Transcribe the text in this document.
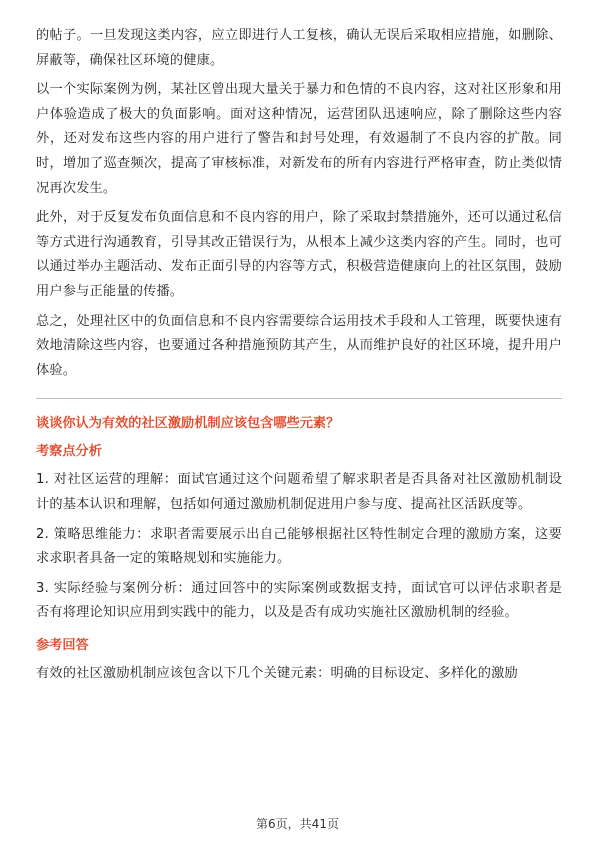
的帖子。一旦发现这类内容，应立即进行人工复核，确认无误后采取相应措施，如删除、屏蔽等，确保社区环境的健康。

以一个实际案例为例，某社区曾出现大量关于暴力和色情的不良内容，这对社区形象和用户体验造成了极大的负面影响。面对这种情况，运营团队迅速响应，除了删除这些内容外，还对发布这些内容的用户进行了警告和封号处理，有效遏制了不良内容的扩散。同时，增加了巡查频次，提高了审核标准，对新发布的所有内容进行严格审查，防止类似情况再次发生。

此外，对于反复发布负面信息和不良内容的用户，除了采取封禁措施外，还可以通过私信等方式进行沟通教育，引导其改正错误行为，从根本上减少这类内容的产生。同时，也可以通过举办主题活动、发布正面引导的内容等方式，积极营造健康向上的社区氛围，鼓励用户参与正能量的传播。

总之，处理社区中的负面信息和不良内容需要综合运用技术手段和人工管理，既要快速有效地清除这些内容，也要通过各种措施预防其产生，从而维护良好的社区环境，提升用户体验。

谈谈你认为有效的社区激励机制应该包含哪些元素？
考察点分析

1. 对社区运营的理解：面试官通过这个问题希望了解求职者是否具备对社区激励机制设计的基本认识和理解，包括如何通过激励机制促进用户参与度、提高社区活跃度等。

2. 策略思维能力：求职者需要展示出自己能够根据社区特性制定合理的激励方案，这要求求职者具备一定的策略规划和实施能力。

3. 实际经验与案例分析：通过回答中的实际案例或数据支持，面试官可以评估求职者是否有将理论知识应用到实践中的能力，以及是否有成功实施社区激励机制的经验。

参考回答

有效的社区激励机制应该包含以下几个关键元素：明确的目标设定、多样化的激励

第6页，共41页
